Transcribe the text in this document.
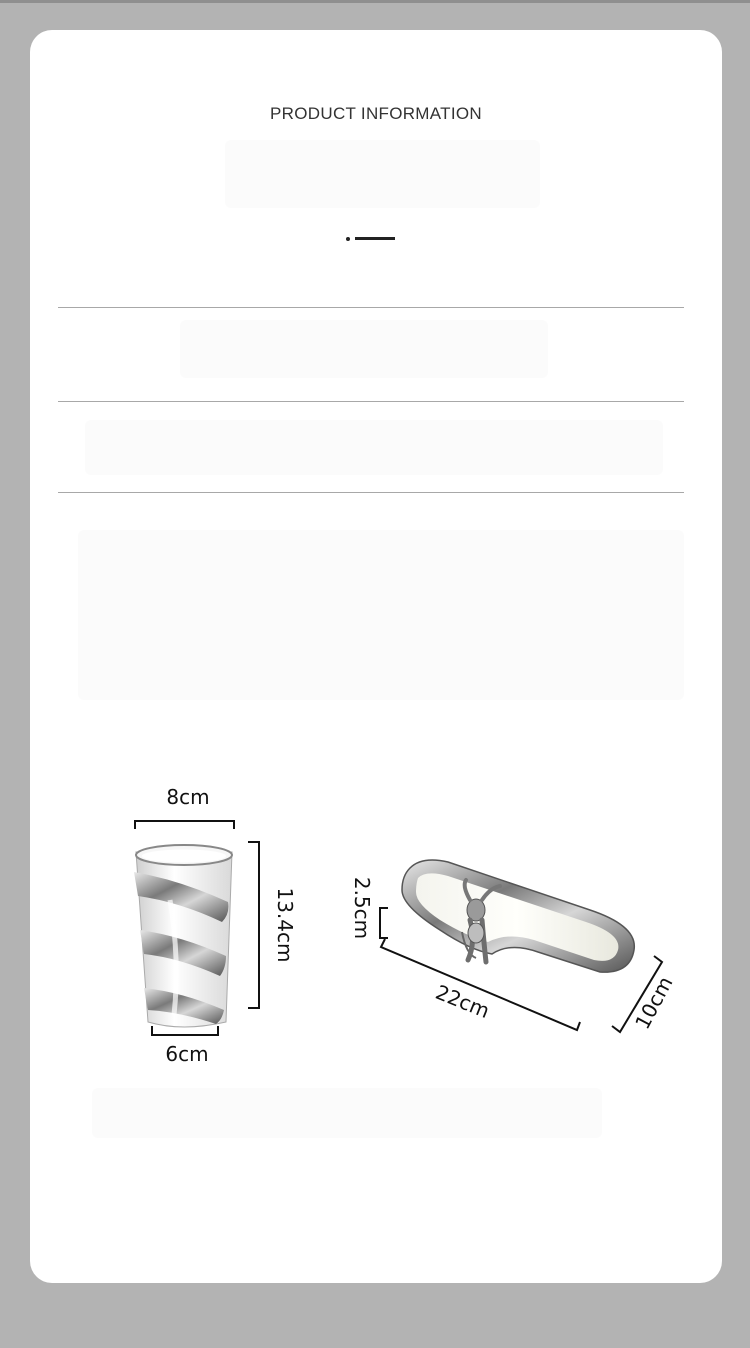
PRODUCT INFORMATION
8cm
13.4cm
6cm
2.5cm
22cm	10cm
